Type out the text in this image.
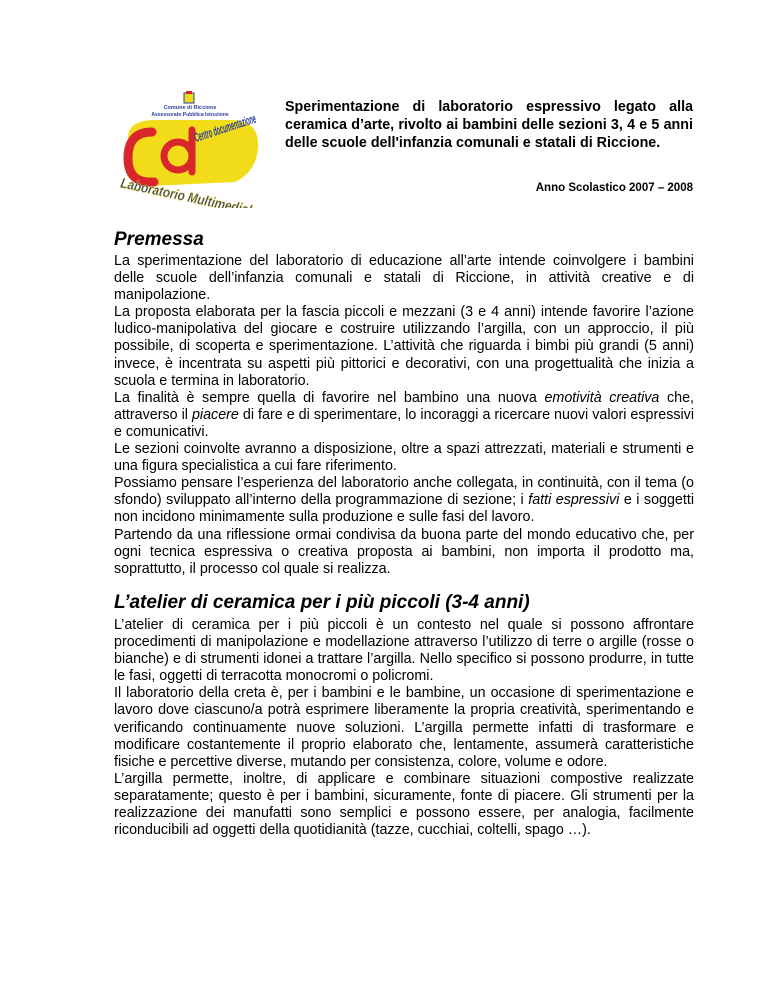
Comune di Riccione
Assessorato Pubblica Istruzione
Centro documentazione
Laboratorio Multimediale
Sperimentazione di laboratorio espressivo legato alla ceramica d’arte, rivolto ai bambini delle sezioni 3, 4 e 5 anni delle scuole dell'infanzia comunali e statali di Riccione.
Anno Scolastico 2007 – 2008
Premessa

La sperimentazione del laboratorio di educazione all’arte intende coinvolgere i bambini delle scuole dell’infanzia comunali e statali di Riccione, in attività creative e di manipolazione.

La proposta elaborata per la fascia piccoli e mezzani (3 e 4 anni) intende favorire l’azione ludico-manipolativa del giocare e costruire utilizzando l’argilla, con un approccio, il più possibile, di scoperta e sperimentazione. L’attività che riguarda i bimbi più grandi (5 anni) invece, è incentrata su aspetti più pittorici e decorativi, con una progettualità che inizia a scuola e termina in laboratorio.

La finalità è sempre quella di favorire nel bambino una nuova emotività creativa che, attraverso il piacere di fare e di sperimentare, lo incoraggi a ricercare nuovi valori espressivi e comunicativi.

Le sezioni coinvolte avranno a disposizione, oltre a spazi attrezzati, materiali e strumenti e una figura specialistica a cui fare riferimento.

Possiamo pensare l’esperienza del laboratorio anche collegata, in continuità, con il tema (o sfondo) sviluppato all’interno della programmazione di sezione; i fatti espressivi e i soggetti non incidono minimamente sulla produzione e sulle fasi del lavoro.

Partendo da una riflessione ormai condivisa da buona parte del mondo educativo che, per ogni tecnica espressiva o creativa proposta ai bambini, non importa il prodotto ma, soprattutto, il processo col quale si realizza.

L’atelier di ceramica per i più piccoli (3-4 anni)

L’atelier di ceramica per i più piccoli è un contesto nel quale si possono affrontare procedimenti di manipolazione e modellazione attraverso l’utilizzo di terre o argille (rosse o bianche) e di strumenti idonei a trattare l’argilla. Nello specifico si possono produrre, in tutte le fasi, oggetti di terracotta monocromi o policromi.

Il laboratorio della creta è, per i bambini e le bambine, un occasione di sperimentazione e lavoro dove ciascuno/a potrà esprimere liberamente la propria creatività, sperimentando e verificando continuamente nuove soluzioni. L’argilla permette infatti di trasformare e modificare costantemente il proprio elaborato che, lentamente, assumerà caratteristiche fisiche e percettive diverse, mutando per consistenza, colore, volume e odore.

L’argilla permette, inoltre, di applicare e combinare situazioni compostive realizzate separatamente; questo è per i bambini, sicuramente, fonte di piacere. Gli strumenti per la realizzazione dei manufatti sono semplici e possono essere, per analogia, facilmente riconducibili ad oggetti della quotidianità (tazze, cucchiai, coltelli, spago …).
